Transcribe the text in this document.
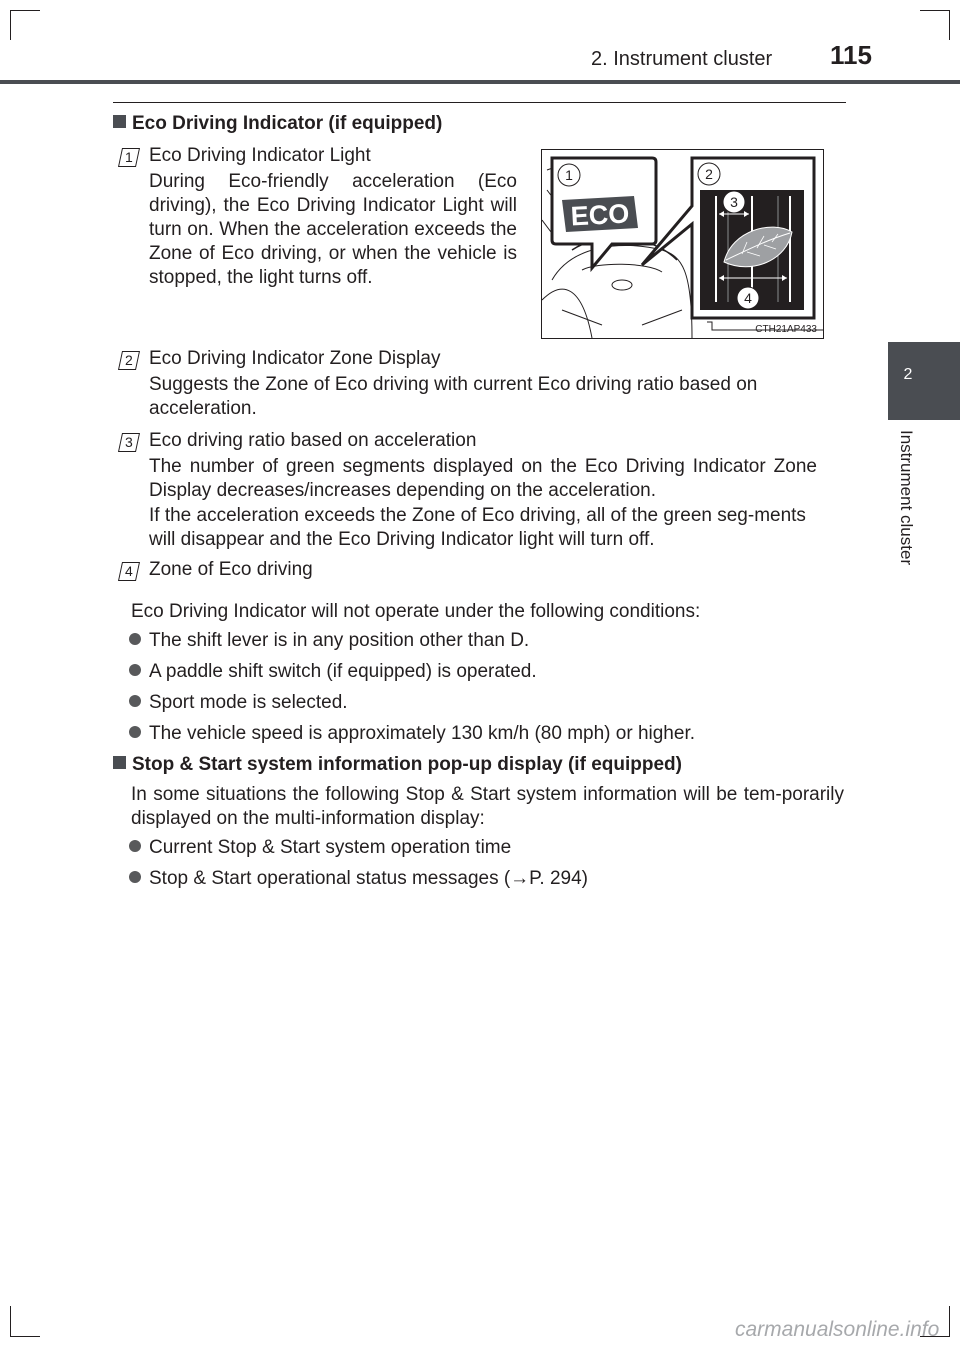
2. Instrument cluster 115
2
Instrument cluster
Eco Driving Indicator (if equipped)
1 Eco Driving Indicator Light
During Eco-friendly acceleration (Eco driving), the Eco Driving Indicator Light will turn on. When the acceleration exceeds the Zone of Eco driving, or when the vehicle is stopped, the light turns off.
ECO
1	2
3
4
CTH21AP433
2 Eco Driving Indicator Zone Display
Suggests the Zone of Eco driving with current Eco driving ratio based on acceleration.
3 Eco driving ratio based on acceleration
The number of green segments displayed on the Eco Driving Indicator Zone Display decreases/increases depending on the acceleration.
If the acceleration exceeds the Zone of Eco driving, all of the green seg-ments will disappear and the Eco Driving Indicator light will turn off.
4 Zone of Eco driving
Eco Driving Indicator will not operate under the following conditions:
The shift lever is in any position other than D.
A paddle shift switch (if equipped) is operated.
Sport mode is selected.
The vehicle speed is approximately 130 km/h (80 mph) or higher.
Stop & Start system information pop-up display (if equipped)
In some situations the following Stop & Start system information will be tem-porarily displayed on the multi-information display:
Current Stop & Start system operation time
Stop & Start operational status messages (→P. 294)
carmanualsonline.info
